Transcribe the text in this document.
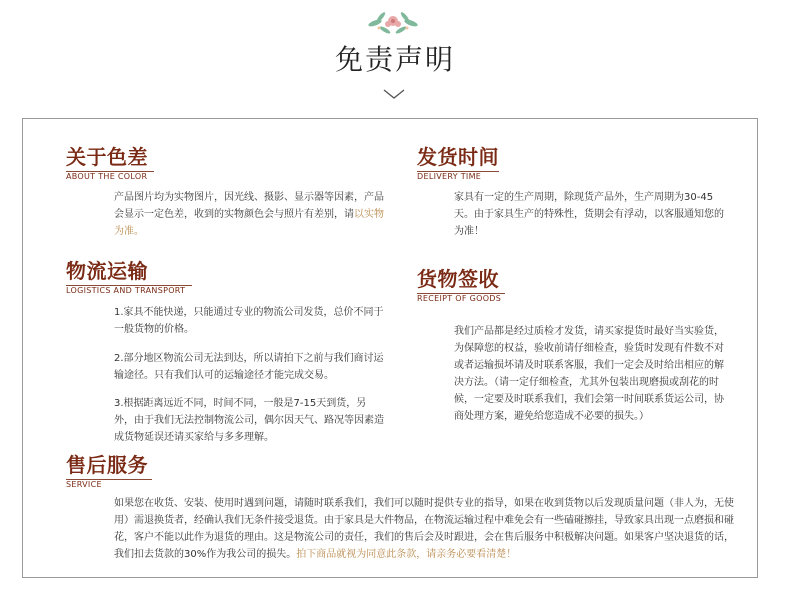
免责声明
关于色差
ABOUT THE COLOR

产品图片均为实物图片，因光线、摄影、显示器等因素，产品会显示一定色差，收到的实物颜色会与照片有差别，请以实物为准。

发货时间
DELIVERY TIME

家具有一定的生产周期，除现货产品外，生产周期为30-45天。由于家具生产的特殊性，货期会有浮动，以客服通知您的为准！

物流运输
LOGISTICS AND TRANSPORT

1.家具不能快递，只能通过专业的物流公司发货，总价不同于一般货物的价格。

2.部分地区物流公司无法到达，所以请拍下之前与我们商讨运输途径。只有我们认可的运输途径才能完成交易。

3.根据距离远近不同，时间不同，一般是7-15天到货，另外，由于我们无法控制物流公司，偶尔因天气、路况等因素造成货物延误还请买家给与多多理解。

货物签收
RECEIPT OF GOODS

我们产品都是经过质检才发货，请买家提货时最好当实验货，为保障您的权益，验收前请仔细检查，验货时发现有件数不对或者运输损坏请及时联系客服，我们一定会及时给出相应的解决方法。（请一定仔细检查，尤其外包装出现磨损或刮花的时候，一定要及时联系我们，我们会第一时间联系货运公司，协商处理方案，避免给您造成不必要的损失。）

售后服务
SERVICE

如果您在收货、安装、使用时遇到问题，请随时联系我们，我们可以随时提供专业的指导，如果在收到货物以后发现质量问题（非人为，无使用）需退换货者，经确认我们无条件接受退货。由于家具是大件物品，在物流运输过程中难免会有一些磕碰擦挂，导致家具出现一点磨损和碰花，客户不能以此作为退货的理由。这是物流公司的责任，我们的售后会及时跟进，会在售后服务中积极解决问题。如果客户坚决退货的话，我们扣去货款的30%作为我公司的损失。拍下商品就视为同意此条款，请亲务必要看清楚！
